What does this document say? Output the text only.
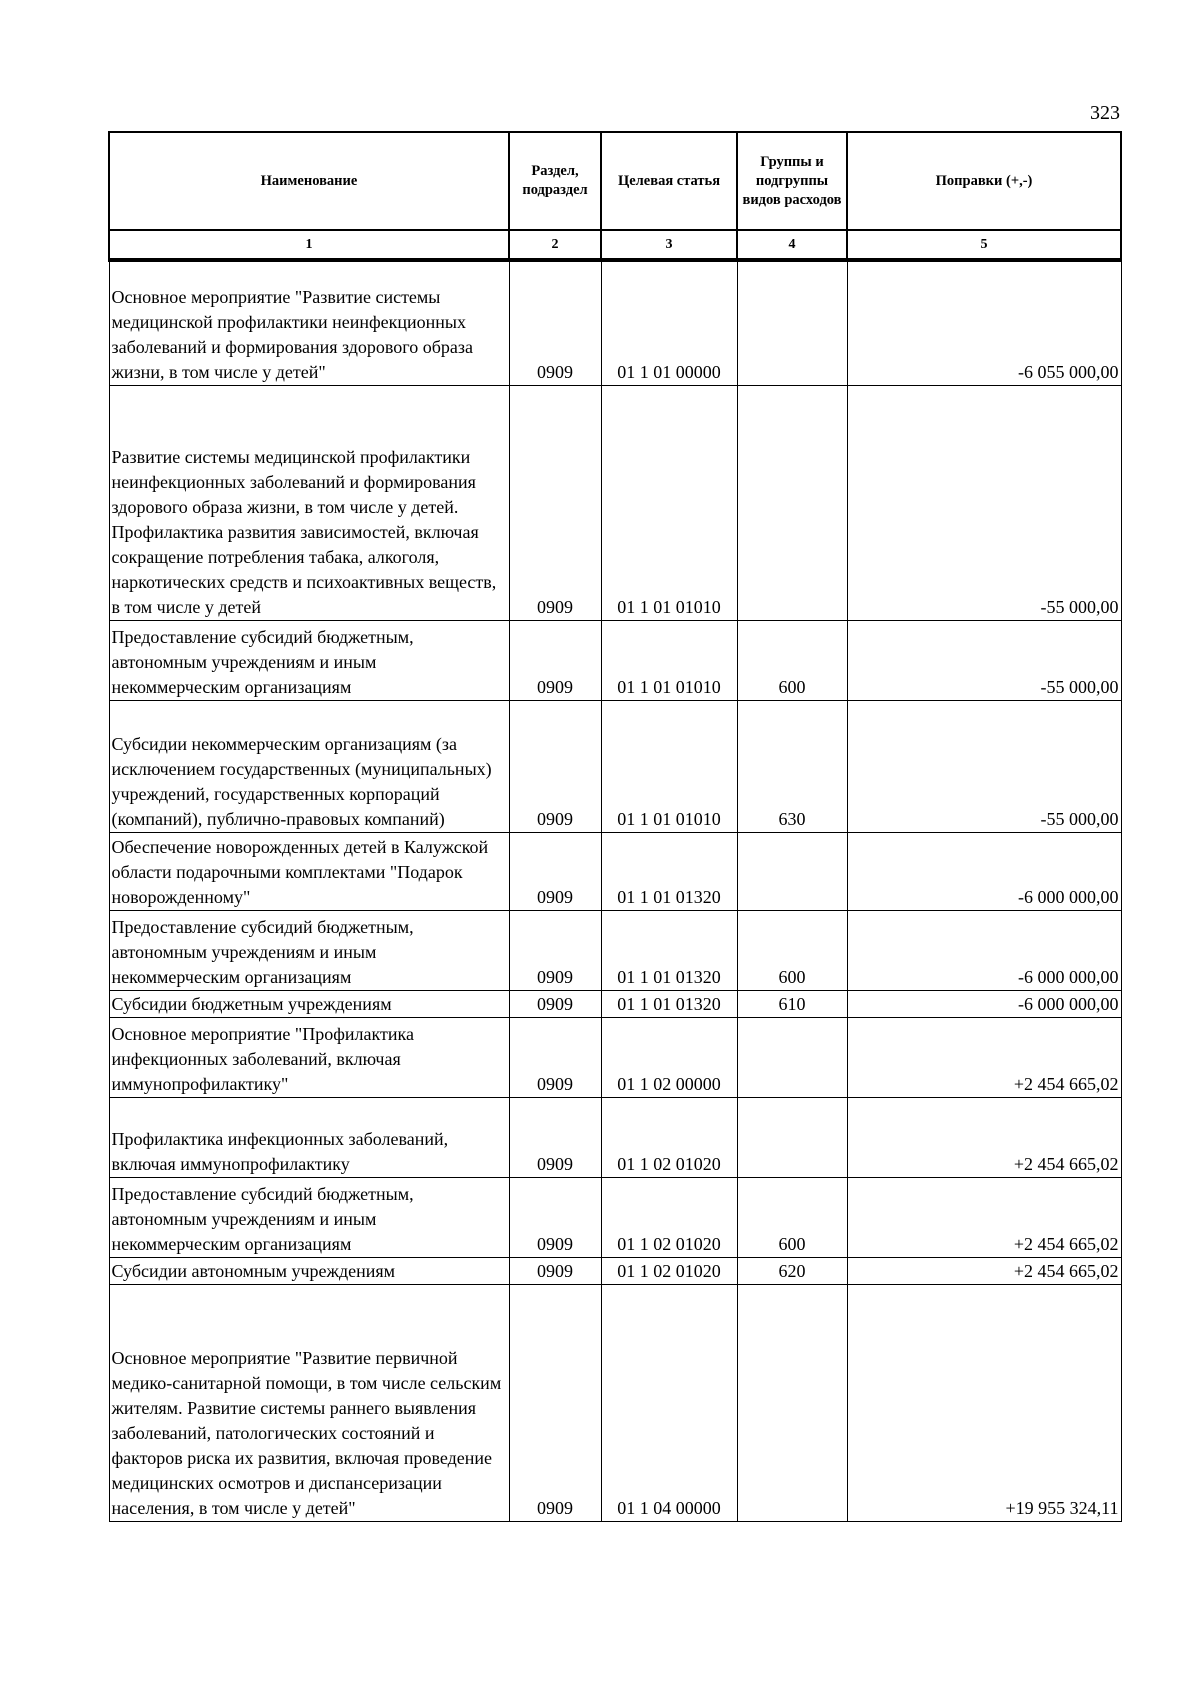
323
Наименование	Раздел, подраздел	Целевая статья	Группы и подгруппы видов расходов	Поправки (+,-)
1	2	3	4	5
Основное мероприятие "Развитие системы медицинской профилактики неинфекционных заболеваний и формирования здорового образа жизни, в том числе у детей"	0909	01 1 01 00000		-6 055 000,00
Развитие системы медицинской профилактики неинфекционных заболеваний и формирования здорового образа жизни, в том числе у детей. Профилактика развития зависимостей, включая сокращение потребления табака, алкоголя, наркотических средств и психоактивных веществ, в том числе у детей	0909	01 1 01 01010		-55 000,00
Предоставление субсидий бюджетным, автономным учреждениям и иным некоммерческим организациям	0909	01 1 01 01010	600	-55 000,00
Субсидии некоммерческим организациям (за исключением государственных (муниципальных) учреждений, государственных корпораций (компаний), публично-правовых компаний)	0909	01 1 01 01010	630	-55 000,00
Обеспечение новорожденных детей в Калужской области подарочными комплектами "Подарок новорожденному"	0909	01 1 01 01320		-6 000 000,00
Предоставление субсидий бюджетным, автономным учреждениям и иным некоммерческим организациям	0909	01 1 01 01320	600	-6 000 000,00
Субсидии бюджетным учреждениям	0909	01 1 01 01320	610	-6 000 000,00
Основное мероприятие "Профилактика инфекционных заболеваний, включая иммунопрофилактику"	0909	01 1 02 00000		+2 454 665,02
Профилактика инфекционных заболеваний, включая иммунопрофилактику	0909	01 1 02 01020		+2 454 665,02
Предоставление субсидий бюджетным, автономным учреждениям и иным некоммерческим организациям	0909	01 1 02 01020	600	+2 454 665,02
Субсидии автономным учреждениям	0909	01 1 02 01020	620	+2 454 665,02
Основное мероприятие "Развитие первичной медико-санитарной помощи, в том числе сельским жителям. Развитие системы раннего выявления заболеваний, патологических состояний и факторов риска их развития, включая проведение медицинских осмотров и диспансеризации населения, в том числе у детей"	0909	01 1 04 00000		+19 955 324,11
